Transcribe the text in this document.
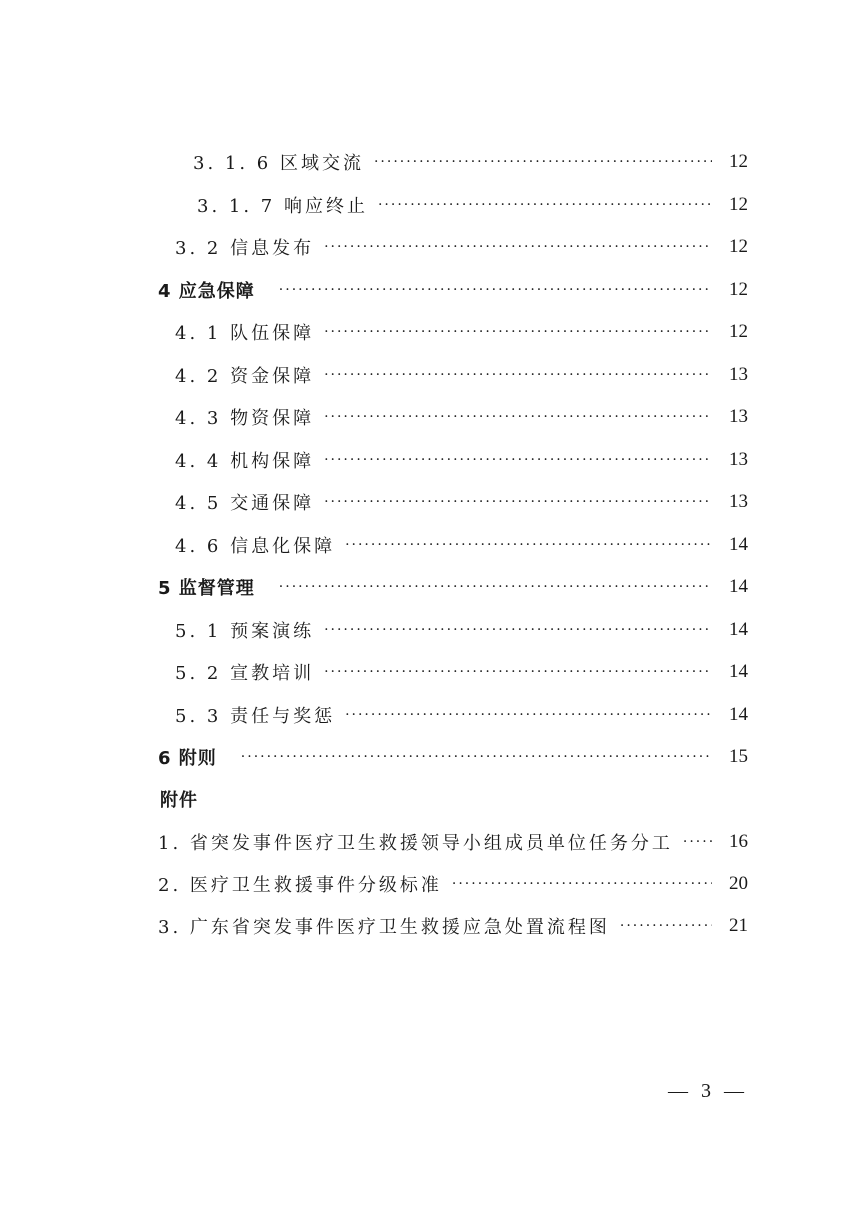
3. 1. 6 区域交流 ·····	12
3. 1. 7 响应终止 ·····	12
3. 2 信息发布 ·····	12
4 应急保障 ·····	12
4. 1 队伍保障 ·····	12
4. 2 资金保障 ·····	13
4. 3 物资保障 ·····	13
4. 4 机构保障 ·····	13
4. 5 交通保障 ·····	13
4. 6 信息化保障 ·····	14
5 监督管理 ·····	14
5. 1 预案演练 ·····	14
5. 2 宣教培训 ·····	14
5. 3 责任与奖惩 ·····	14
6 附则 ·····	15
附件
1. 省突发事件医疗卫生救援领导小组成员单位任务分工 ·····	16
2. 医疗卫生救援事件分级标准 ·····	20
3. 广东省突发事件医疗卫生救援应急处置流程图 ·····	21
— 3 —
